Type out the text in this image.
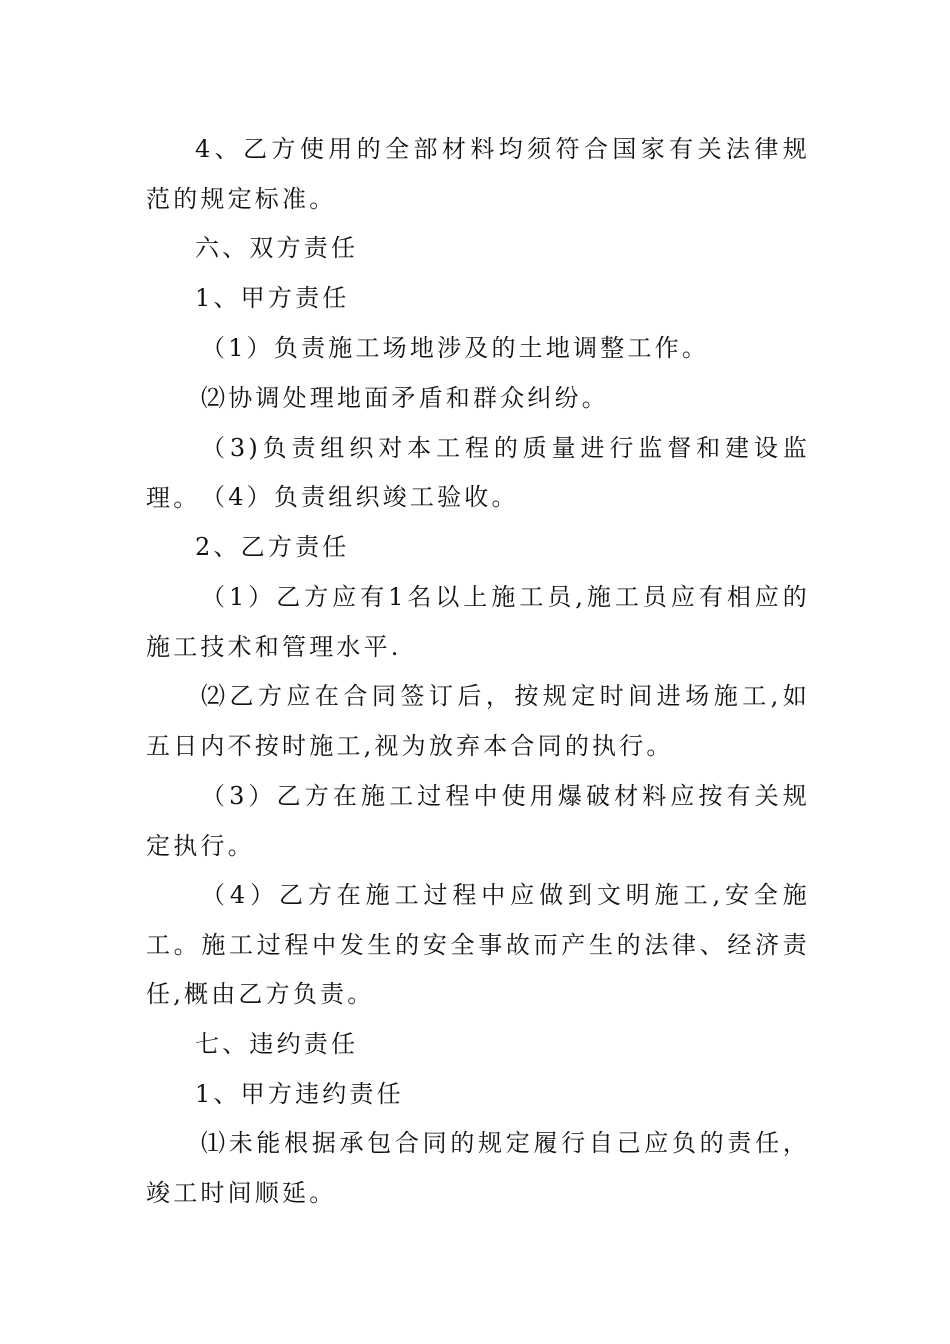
4、乙方使用的全部材料均须符合国家有关法律规范的规定标准。

六、双方责任

1、甲方责任

（1）负责施工场地涉及的土地调整工作。

⑵协调处理地面矛盾和群众纠纷。

（3)负责组织对本工程的质量进行监督和建设监理。 （4）负责组织竣工验收。

2、乙方责任

（1）乙方应有1名以上施工员,施工员应有相应的施工技术和管理水平.

⑵乙方应在合同签订后，按规定时间进场施工,如五日内不按时施工,视为放弃本合同的执行。

（3）乙方在施工过程中使用爆破材料应按有关规定执行。

（4）乙方在施工过程中应做到文明施工,安全施工。施工过程中发生的安全事故而产生的法律、经济责任,概由乙方负责。

七、违约责任

1、甲方违约责任

⑴未能根据承包合同的规定履行自己应负的责任，竣工时间顺延。
